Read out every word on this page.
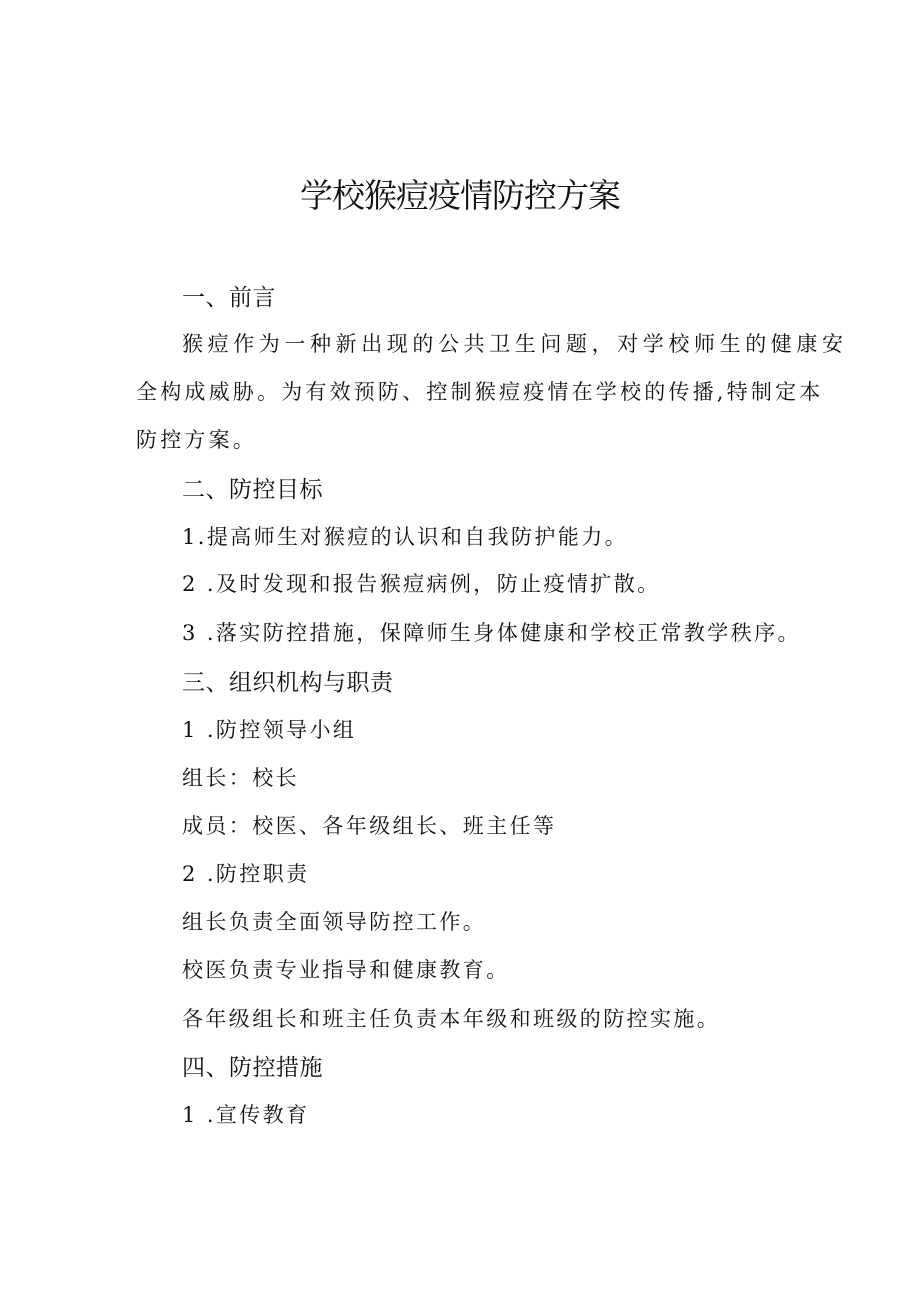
学校猴痘疫情防控方案
一、前言
猴痘作为一种新出现的公共卫生问题，对学校师生的健康安
全构成威胁。为有效预防、控制猴痘疫情在学校的传播,特制定本
防控方案。
二、防控目标
1.提高师生对猴痘的认识和自我防护能力。
2 .及时发现和报告猴痘病例，防止疫情扩散。
3 .落实防控措施，保障师生身体健康和学校正常教学秩序。
三、组织机构与职责
1 .防控领导小组
组长：校长
成员：校医、各年级组长、班主任等
2 .防控职责
组长负责全面领导防控工作。
校医负责专业指导和健康教育。
各年级组长和班主任负责本年级和班级的防控实施。
四、防控措施
1 .宣传教育
